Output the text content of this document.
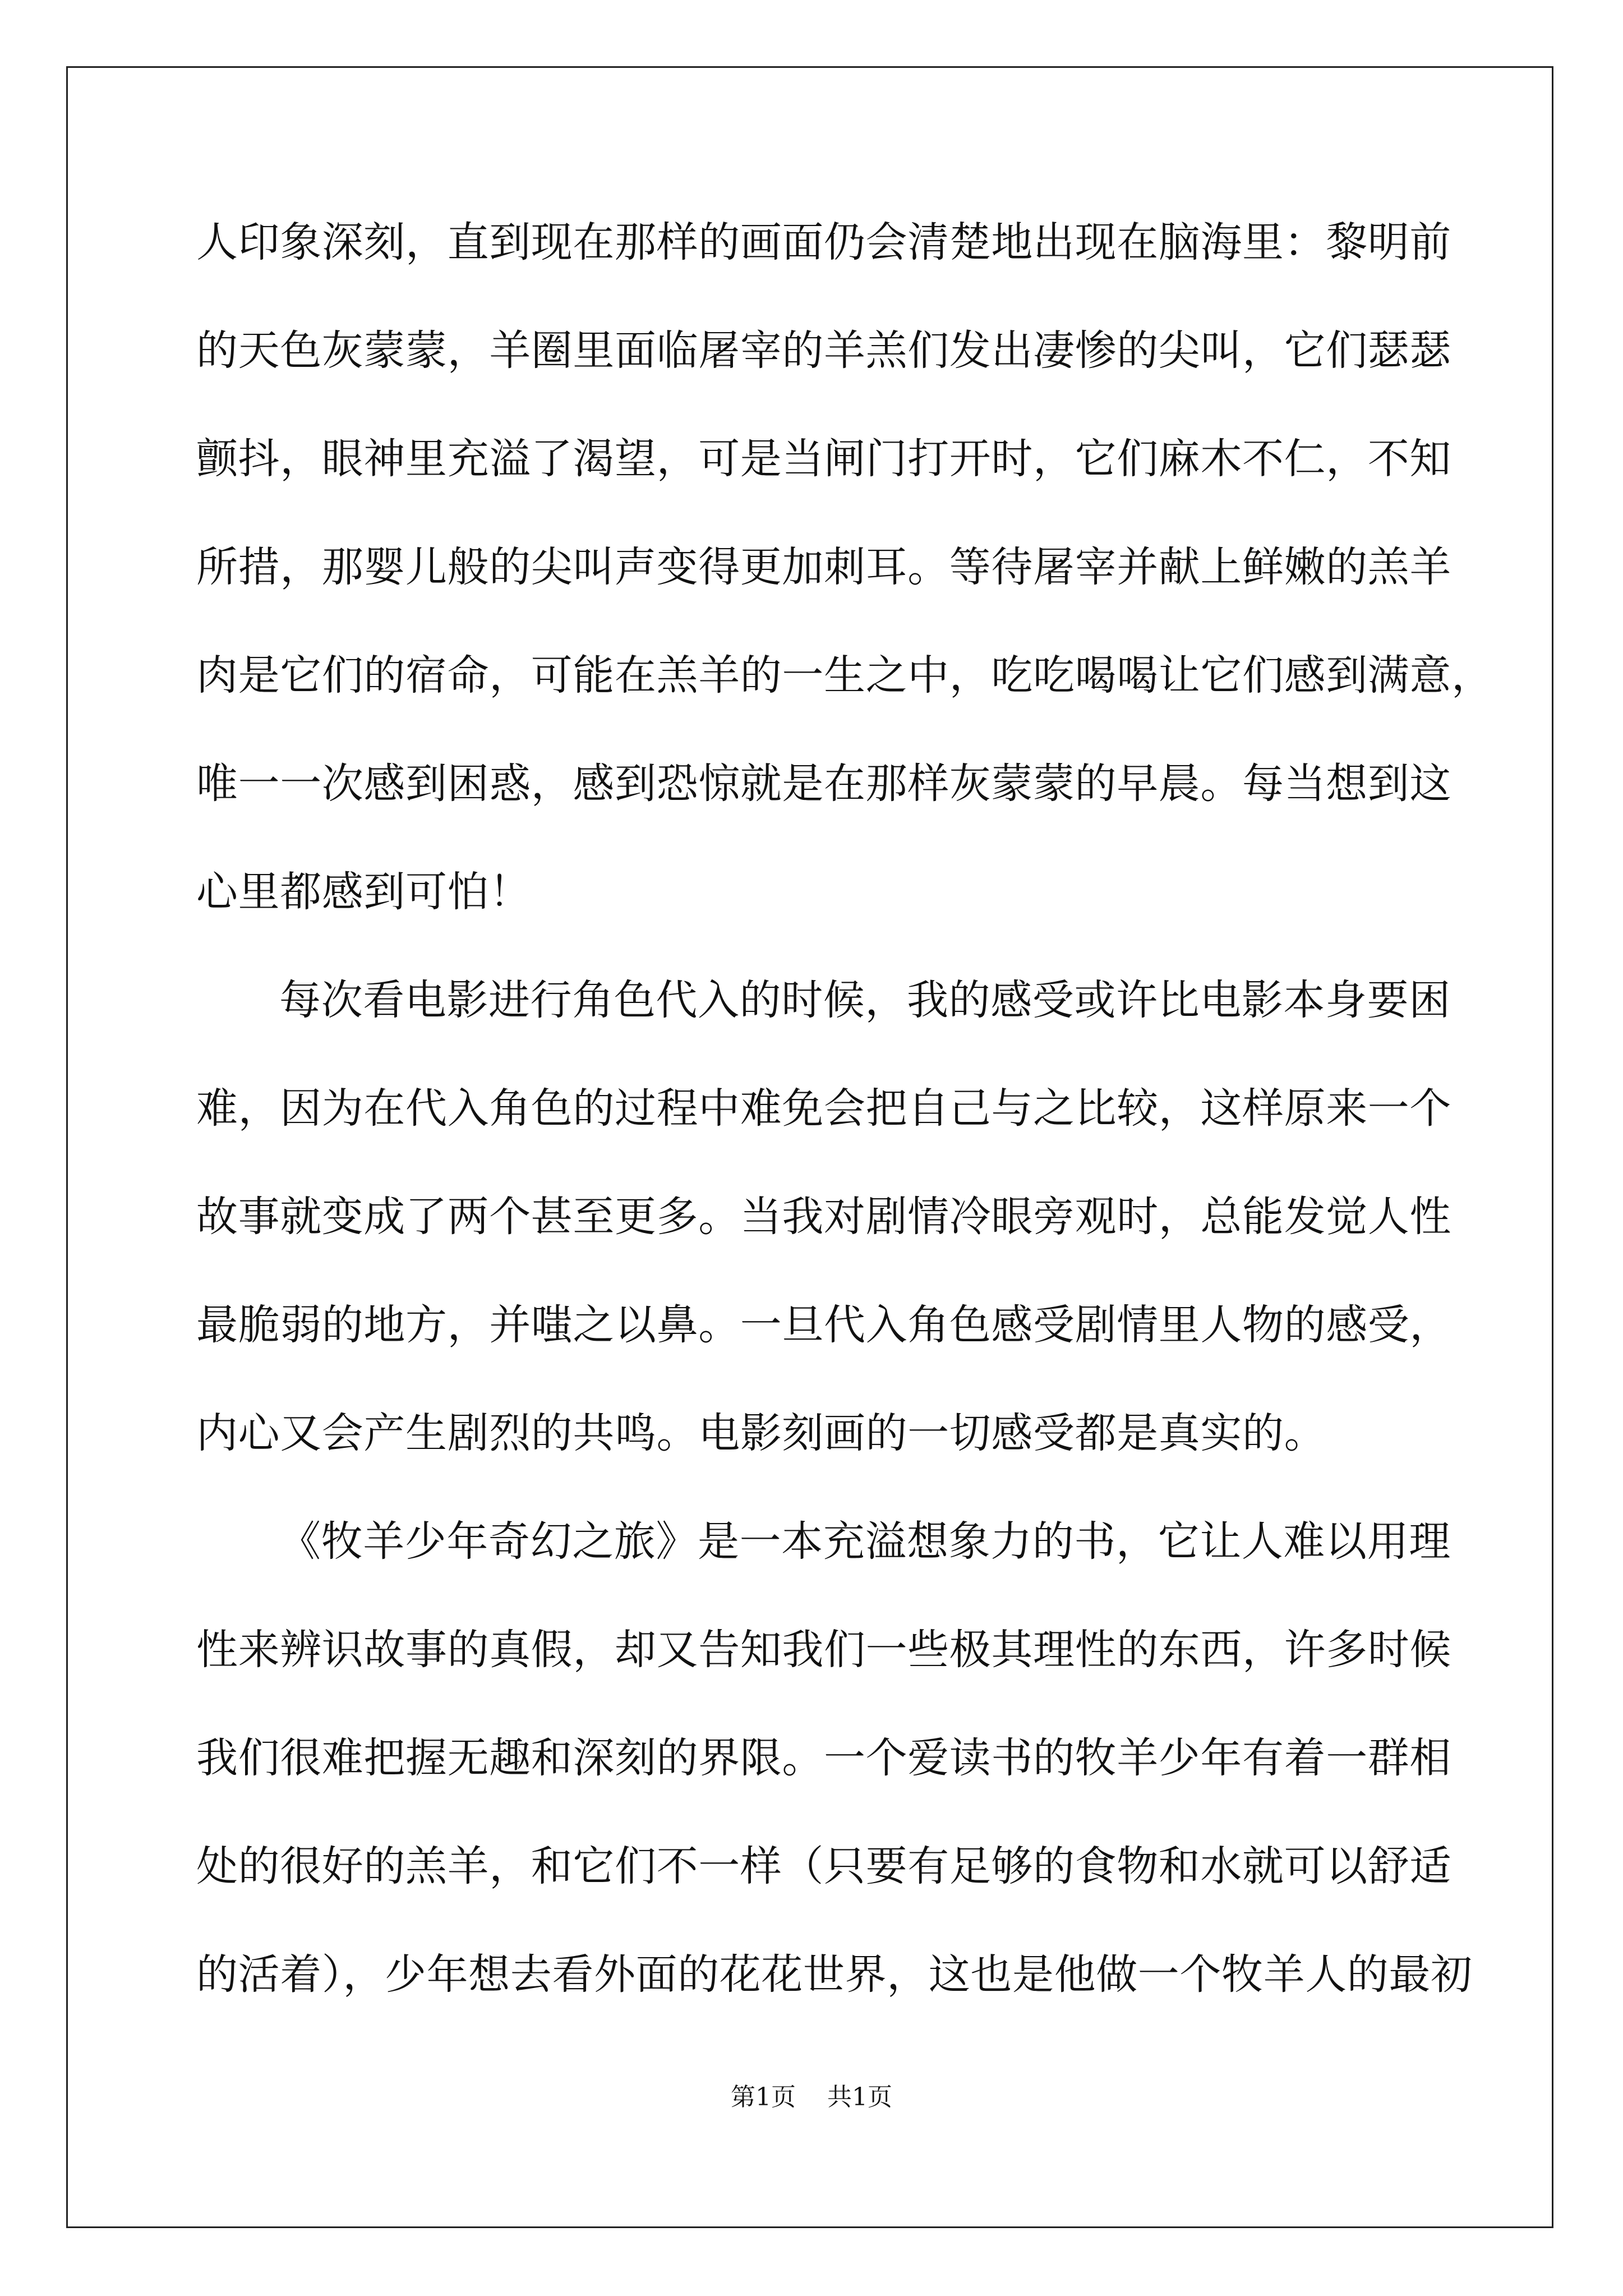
人印象深刻，直到现在那样的画面仍会清楚地出现在脑海里：黎明前
的天色灰蒙蒙，羊圈里面临屠宰的羊羔们发出凄惨的尖叫，它们瑟瑟
颤抖，眼神里充溢了渴望，可是当闸门打开时，它们麻木不仁，不知
所措，那婴儿般的尖叫声变得更加刺耳。等待屠宰并献上鲜嫩的羔羊
肉是它们的宿命，可能在羔羊的一生之中，吃吃喝喝让它们感到满意，
唯一一次感到困惑，感到恐惊就是在那样灰蒙蒙的早晨。每当想到这
心里都感到可怕！
每次看电影进行角色代入的时候，我的感受或许比电影本身要困
难，因为在代入角色的过程中难免会把自己与之比较，这样原来一个
故事就变成了两个甚至更多。当我对剧情冷眼旁观时，总能发觉人性
最脆弱的地方，并嗤之以鼻。一旦代入角色感受剧情里人物的感受，
内心又会产生剧烈的共鸣。电影刻画的一切感受都是真实的。
《牧羊少年奇幻之旅》是一本充溢想象力的书，它让人难以用理
性来辨识故事的真假，却又告知我们一些极其理性的东西，许多时候
我们很难把握无趣和深刻的界限。一个爱读书的牧羊少年有着一群相
处的很好的羔羊，和它们不一样（只要有足够的食物和水就可以舒适
的活着），少年想去看外面的花花世界，这也是他做一个牧羊人的最初
第1页 共1页
